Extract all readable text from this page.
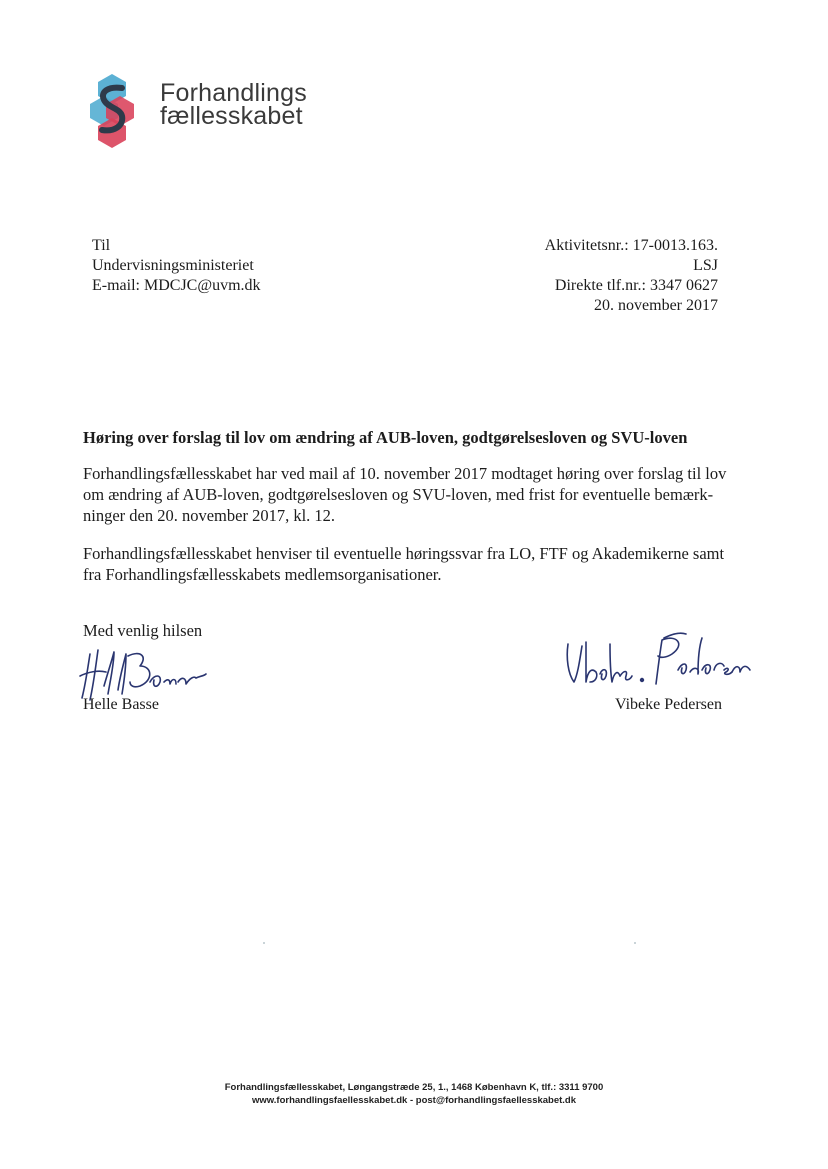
Forhandlings
fællesskabet
Til
Undervisningsministeriet
E-mail: MDCJC@uvm.dk
Aktivitetsnr.: 17-0013.163.
LSJ
Direkte tlf.nr.: 3347 0627
20. november 2017
Høring over forslag til lov om ændring af AUB-loven, godtgørelsesloven og SVU-loven
Forhandlingsfællesskabet har ved mail af 10. november 2017 modtaget høring over forslag til lov
om ændring af AUB-loven, godtgørelsesloven og SVU-loven, med frist for eventuelle bemærk-
ninger den 20. november 2017, kl. 12.
Forhandlingsfællesskabet henviser til eventuelle høringssvar fra LO, FTF og Akademikerne samt
fra Forhandlingsfællesskabets medlemsorganisationer.
Med venlig hilsen
Helle Basse	Vibeke Pedersen
Forhandlingsfællesskabet, Løngangstræde 25, 1., 1468 København K, tlf.: 3311 9700
www.forhandlingsfaellesskabet.dk - post@forhandlingsfaellesskabet.dk
